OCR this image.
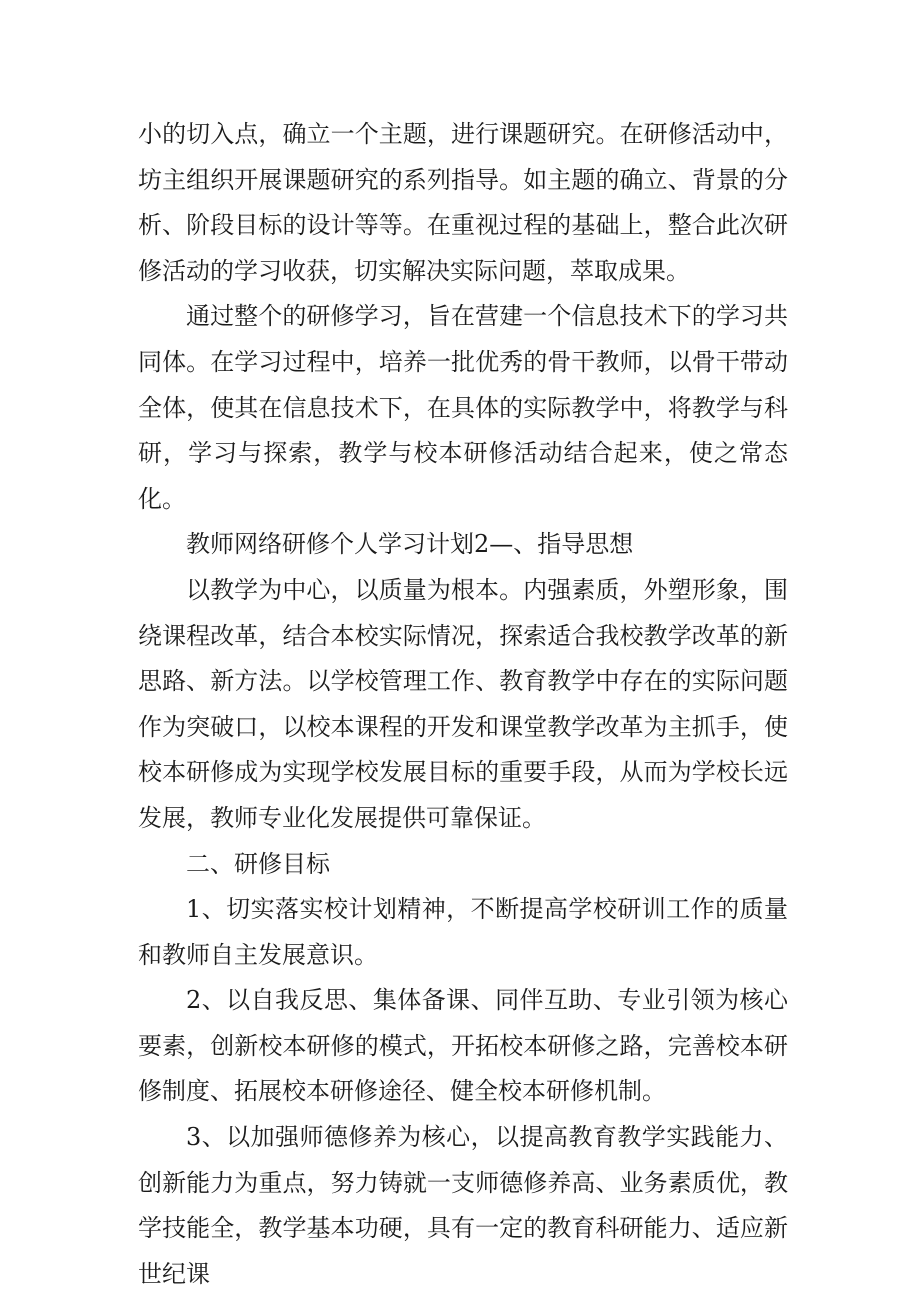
小的切入点，确立一个主题，进行课题研究。在研修活动中，坊主组织开展课题研究的系列指导。如主题的确立、背景的分析、阶段目标的设计等等。在重视过程的基础上，整合此次研修活动的学习收获，切实解决实际问题，萃取成果。

通过整个的研修学习，旨在营建一个信息技术下的学习共同体。在学习过程中，培养一批优秀的骨干教师，以骨干带动全体，使其在信息技术下，在具体的实际教学中，将教学与科研，学习与探索，教学与校本研修活动结合起来，使之常态化。

教师网络研修个人学习计划2—、指导思想

以教学为中心，以质量为根本。内强素质，外塑形象，围绕课程改革，结合本校实际情况，探索适合我校教学改革的新思路、新方法。以学校管理工作、教育教学中存在的实际问题作为突破口，以校本课程的开发和课堂教学改革为主抓手，使校本研修成为实现学校发展目标的重要手段，从而为学校长远发展，教师专业化发展提供可靠保证。

二、研修目标

1、切实落实校计划精神，不断提高学校研训工作的质量和教师自主发展意识。

2、以自我反思、集体备课、同伴互助、专业引领为核心要素，创新校本研修的模式，开拓校本研修之路，完善校本研修制度、拓展校本研修途径、健全校本研修机制。

3、以加强师德修养为核心，以提高教育教学实践能力、创新能力为重点，努力铸就一支师德修养高、业务素质优，教学技能全，教学基本功硬，具有一定的教育科研能力、适应新世纪课
